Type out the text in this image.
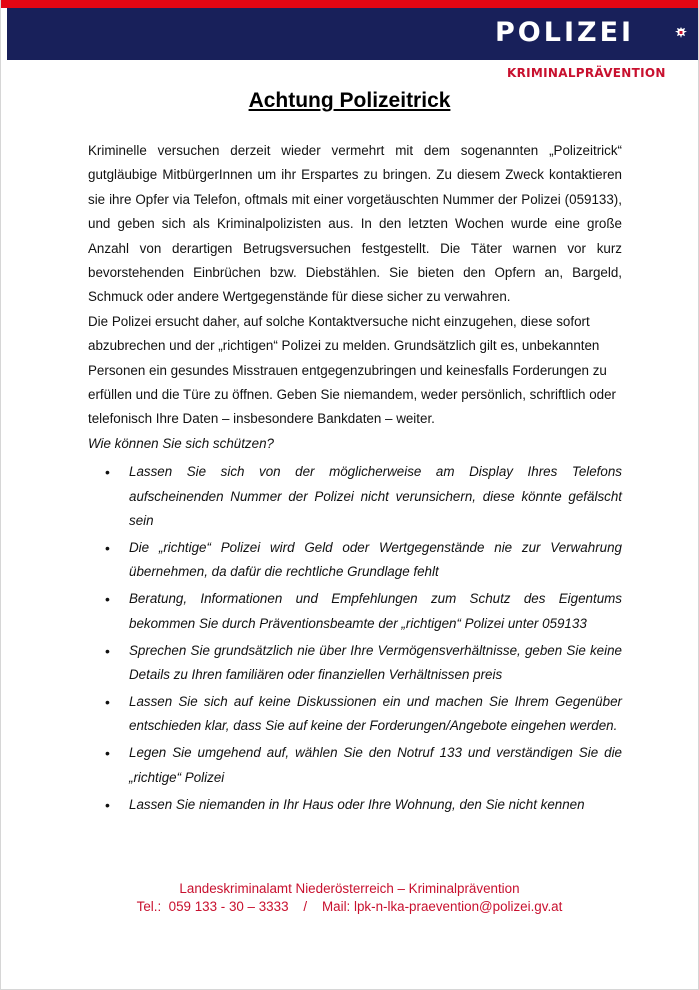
POLIZEI
KRIMINALPRÄVENTION
Achtung Polizeitrick

Kriminelle versuchen derzeit wieder vermehrt mit dem sogenannten „Polizeitrick“ gutgläubige MitbürgerInnen um ihr Erspartes zu bringen. Zu diesem Zweck kontaktieren sie ihre Opfer via Telefon, oftmals mit einer vorgetäuschten Nummer der Polizei (059133), und geben sich als Kriminalpolizisten aus. In den letzten Wochen wurde eine große Anzahl von derartigen Betrugsversuchen festgestellt. Die Täter warnen vor kurz bevorstehenden Einbrüchen bzw. Diebstählen. Sie bieten den Opfern an, Bargeld, Schmuck oder andere Wertgegenstände für diese sicher zu verwahren.

Die Polizei ersucht daher, auf solche Kontaktversuche nicht einzugehen, diese sofort abzubrechen und der „richtigen“ Polizei zu melden. Grundsätzlich gilt es, unbekannten Personen ein gesundes Misstrauen entgegenzubringen und keinesfalls Forderungen zu erfüllen und die Türe zu öffnen. Geben Sie niemandem, weder persönlich, schriftlich oder telefonisch Ihre Daten – insbesondere Bankdaten – weiter.

Wie können Sie sich schützen?

• Lassen Sie sich von der möglicherweise am Display Ihres Telefons aufscheinenden Nummer der Polizei nicht verunsichern, diese könnte gefälscht sein
• Die „richtige“ Polizei wird Geld oder Wertgegenstände nie zur Verwahrung übernehmen, da dafür die rechtliche Grundlage fehlt
• Beratung, Informationen und Empfehlungen zum Schutz des Eigentums bekommen Sie durch Präventionsbeamte der „richtigen“ Polizei unter 059133
• Sprechen Sie grundsätzlich nie über Ihre Vermögensverhältnisse, geben Sie keine Details zu Ihren familiären oder finanziellen Verhältnissen preis
• Lassen Sie sich auf keine Diskussionen ein und machen Sie Ihrem Gegenüber entschieden klar, dass Sie auf keine der Forderungen/Angebote eingehen werden.
• Legen Sie umgehend auf, wählen Sie den Notruf 133 und verständigen Sie die „richtige“ Polizei
• Lassen Sie niemanden in Ihr Haus oder Ihre Wohnung, den Sie nicht kennen
Landeskriminalamt Niederösterreich – Kriminalprävention
Tel.:  059 133 - 30 – 3333    /    Mail: lpk-n-lka-praevention@polizei.gv.at
